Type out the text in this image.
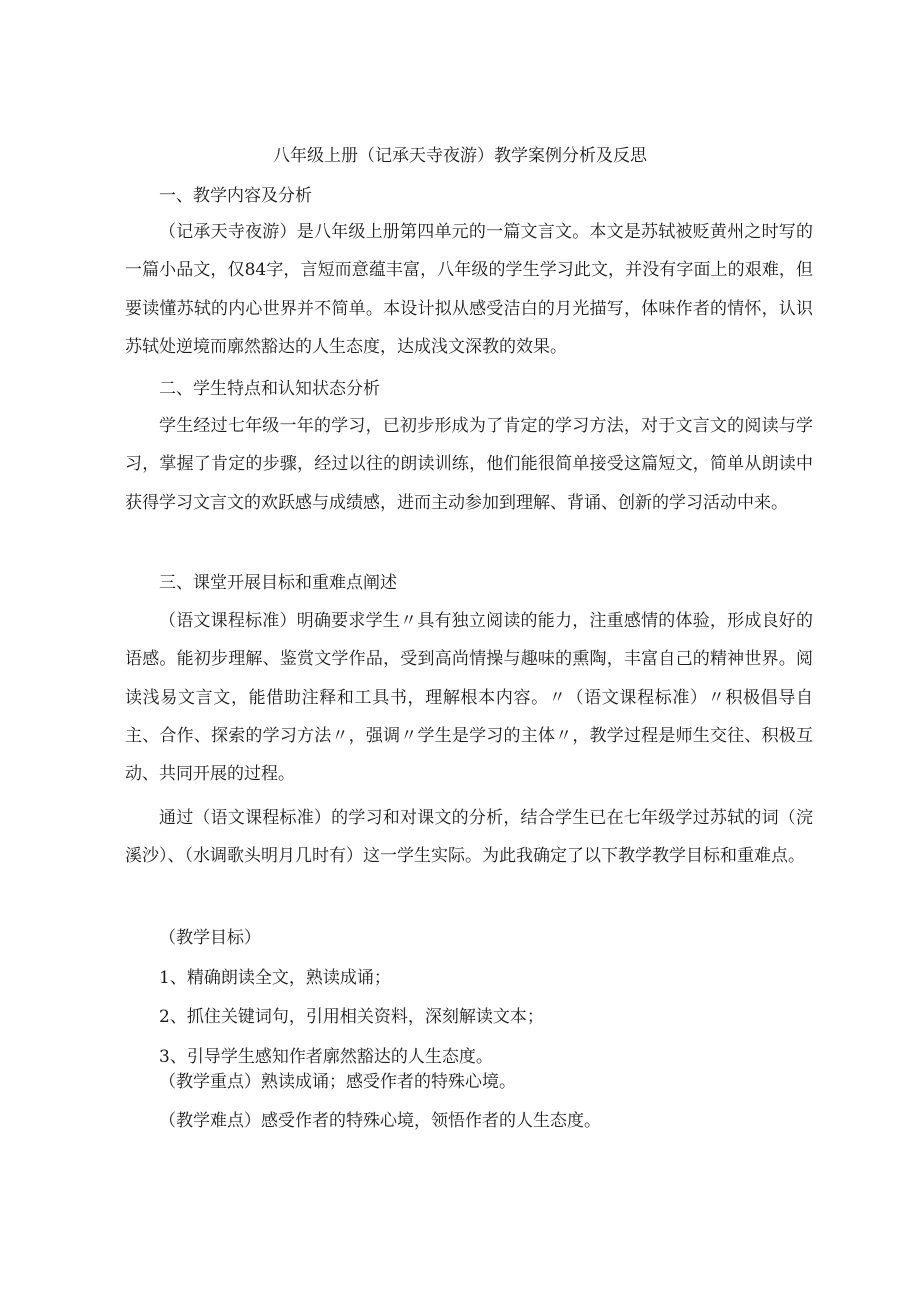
八年级上册（记承天寺夜游）教学案例分析及反思
一、教学内容及分析
（记承天寺夜游）是八年级上册第四单元的一篇文言文。本文是苏轼被贬黄州之时写的一篇小品文，仅84字，言短而意蕴丰富，八年级的学生学习此文，并没有字面上的艰难，但要读懂苏轼的内心世界并不简单。本设计拟从感受洁白的月光描写，体味作者的情怀，认识苏轼处逆境而廓然豁达的人生态度，达成浅文深教的效果。
二、学生特点和认知状态分析
学生经过七年级一年的学习，已初步形成为了肯定的学习方法，对于文言文的阅读与学习，掌握了肯定的步骤，经过以往的朗读训练，他们能很简单接受这篇短文，简单从朗读中获得学习文言文的欢跃感与成绩感，进而主动参加到理解、背诵、创新的学习活动中来。
三、课堂开展目标和重难点阐述
（语文课程标准）明确要求学生〃具有独立阅读的能力，注重感情的体验，形成良好的语感。能初步理解、鉴赏文学作品，受到高尚情操与趣味的熏陶，丰富自己的精神世界。阅读浅易文言文，能借助注释和工具书，理解根本内容。〃（语文课程标准）〃积极倡导自主、合作、探索的学习方法〃，强调〃学生是学习的主体〃，教学过程是师生交往、积极互动、共同开展的过程。
通过（语文课程标准）的学习和对课文的分析，结合学生已在七年级学过苏轼的词（浣溪沙）、（水调歌头明月几时有）这一学生实际。为此我确定了以下教学教学目标和重难点。
（教学目标）
1、精确朗读全文，熟读成诵；
2、抓住关键词句，引用相关资料，深刻解读文本；
3、引导学生感知作者廓然豁达的人生态度。
（教学重点）熟读成诵；感受作者的特殊心境。
（教学难点）感受作者的特殊心境，领悟作者的人生态度。
